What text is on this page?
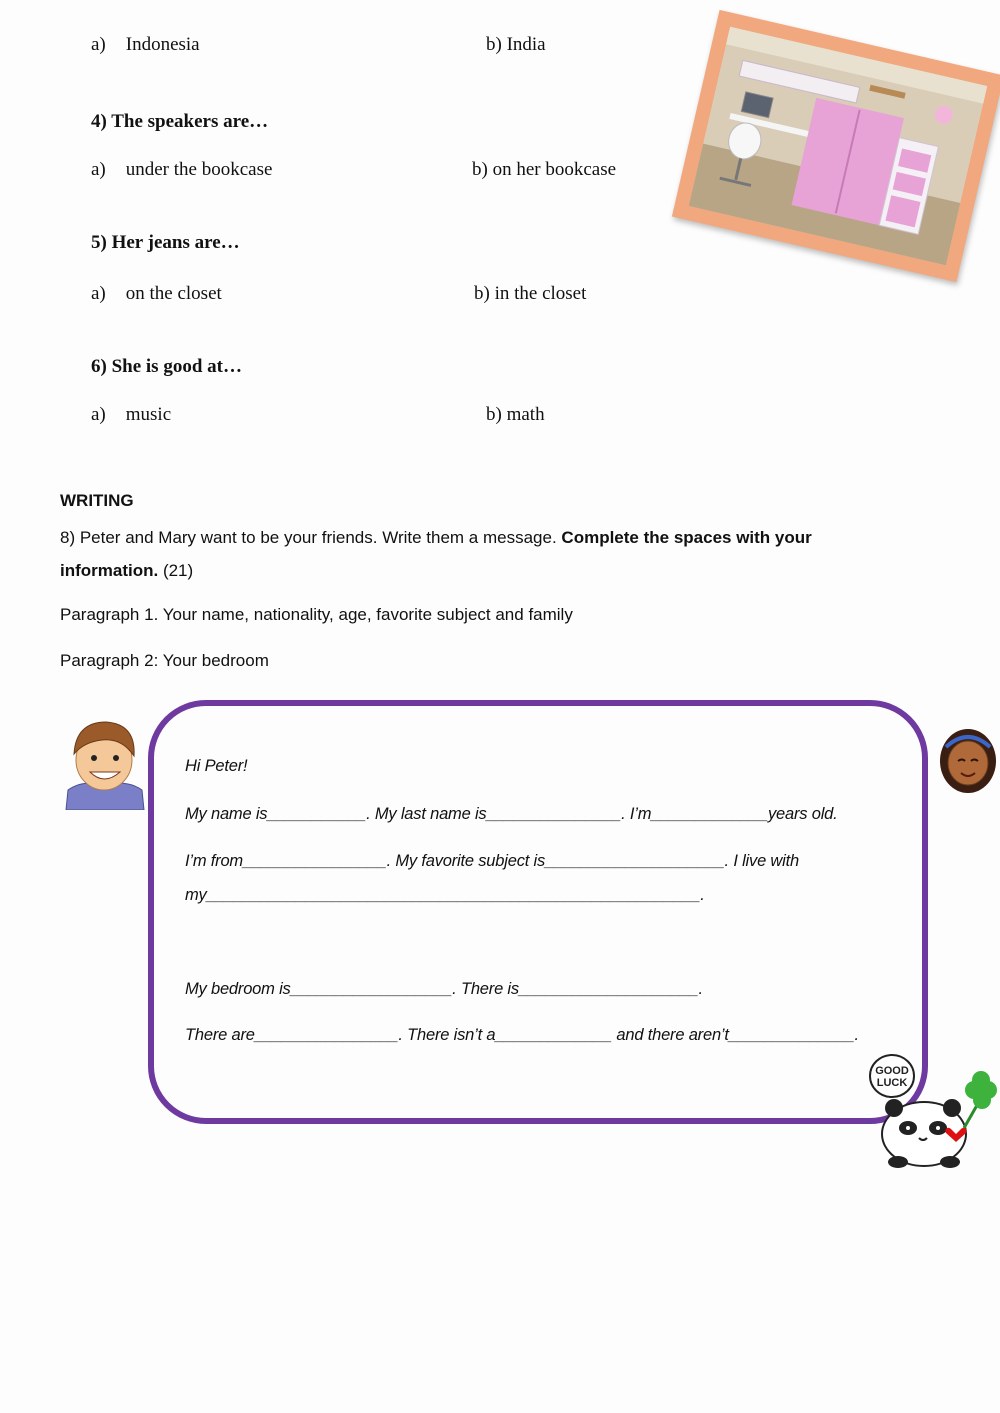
a) Indonesia	b) India
4) The speakers are…
a) under the bookcase	b) on her bookcase
5) Her jeans are…
a) on the closet	b) in the closet
6) She is good at…
a) music	b) math
WRITING
8) Peter and Mary want to be your friends. Write them a message. Complete the spaces with your
information. (21)
Paragraph 1. Your name, nationality, age, favorite subject and family
Paragraph 2: Your bedroom
Hi Peter!
My name is___________. My last name is_______________. I’m_____________years old.
I’m from________________. My favorite subject is____________________. I live with
my_______________________________________________________.
My bedroom is__________________. There is____________________.
There are________________. There isn’t a_____________ and there aren’t______________.
GOOD
LUCK
